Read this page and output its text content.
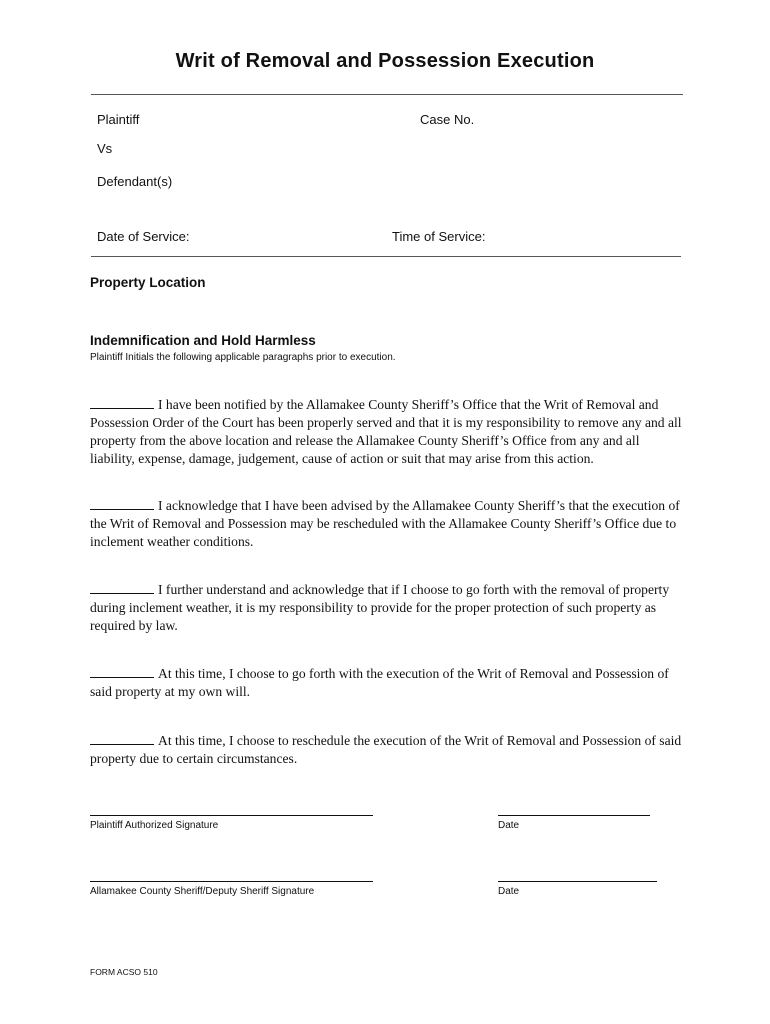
Writ of Removal and Possession Execution
Plaintiff	Case No.
Vs
Defendant(s)
Date of Service:	Time of Service:
Property Location
Indemnification and Hold Harmless
Plaintiff Initials the following applicable paragraphs prior to execution.
I have been notified by the Allamakee County Sheriff’s Office that the Writ of Removal and Possession Order of the Court has been properly served and that it is my responsibility to remove any and all property from the above location and release the Allamakee County Sheriff’s Office from any and all liability, expense, damage, judgement, cause of action or suit that may arise from this action.
I acknowledge that I have been advised by the Allamakee County Sheriff’s that the execution of the Writ of Removal and Possession may be rescheduled with the Allamakee County Sheriff’s Office due to inclement weather conditions.
I further understand and acknowledge that if I choose to go forth with the removal of property during inclement weather, it is my responsibility to provide for the proper protection of such property as required by law.
At this time, I choose to go forth with the execution of the Writ of Removal and Possession of said property at my own will.
At this time, I choose to reschedule the execution of the Writ of Removal and Possession of said property due to certain circumstances.
Plaintiff Authorized Signature	Date
Allamakee County Sheriff/Deputy Sheriff Signature	Date
FORM ACSO 510
